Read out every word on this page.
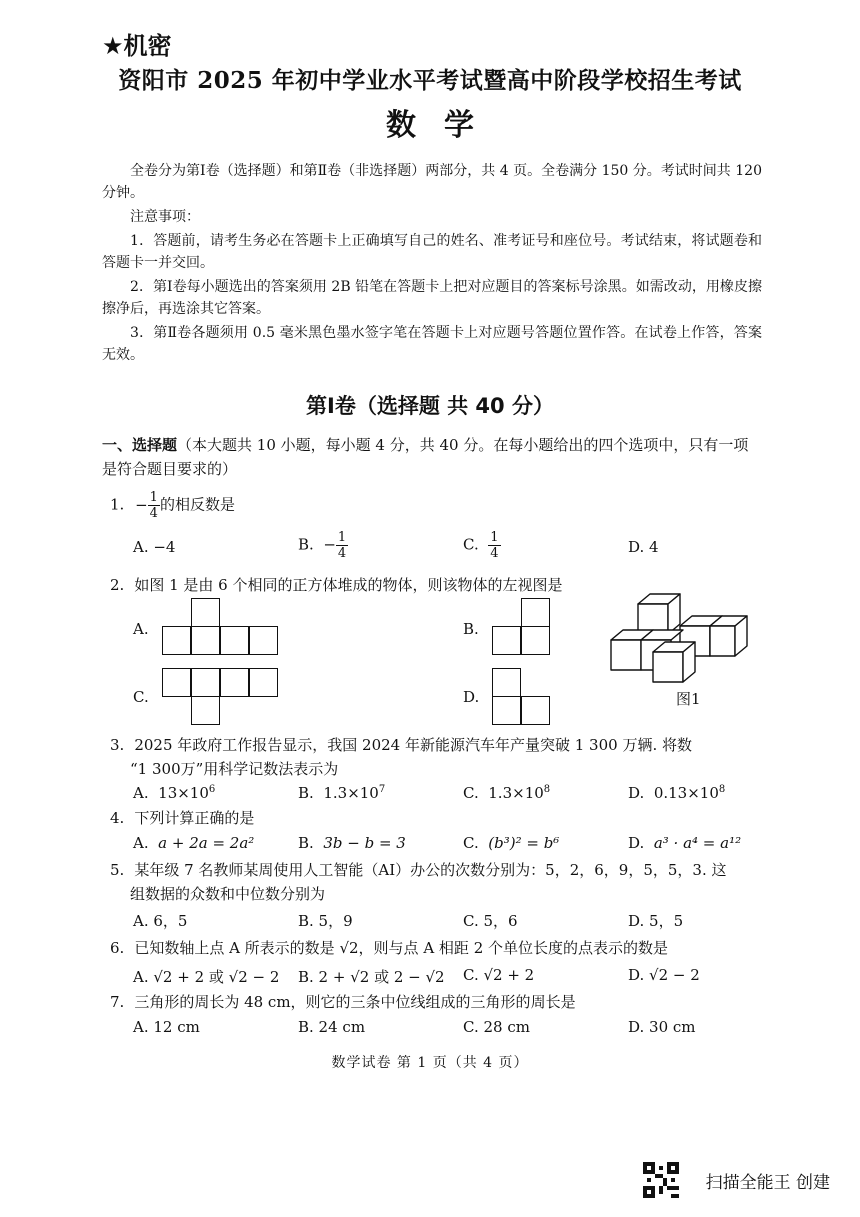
★机密
资阳市 2025 年初中学业水平考试暨高中阶段学校招生考试
数学
全卷分为第Ⅰ卷（选择题）和第Ⅱ卷（非选择题）两部分，共 4 页。全卷满分 150 分。考试时间共 120 分钟。
注意事项：
1．答题前，请考生务必在答题卡上正确填写自己的姓名、准考证号和座位号。考试结束，将试题卷和答题卡一并交回。
2．第Ⅰ卷每小题选出的答案须用 2B 铅笔在答题卡上把对应题目的答案标号涂黑。如需改动，用橡皮擦擦净后，再选涂其它答案。
3．第Ⅱ卷各题须用 0.5 毫米黑色墨水签字笔在答题卡上对应题号答题位置作答。在试卷上作答，答案无效。
第Ⅰ卷（选择题 共 40 分）
一、选择题（本大题共 10 小题，每小题 4 分，共 40 分。在每小题给出的四个选项中，只有一项是符合题目要求的）
1. − $\frac{1}{4}$ 的相反数是
A. −4	B.  − $\frac{1}{4}$	C. $\frac{1}{4}$	D. 4
2. 如图 1 是由 6 个相同的正方体堆成的物体，则该物体的左视图是
A.	B.
C.	D.	图1
3. 2025 年政府工作报告显示，我国 2024 年新能源汽车年产量突破 1 300 万辆. 将数
“1 300万”用科学记数法表示为
A. $13\times 10^6$	B. $1.3\times 10^7$	C. $1.3\times 10^8$	D. $0.13\times 10^8$
4. 下列计算正确的是
A. a + 2a = 2a²	B. 3b − b = 3	C. (b³)² = b⁶	D. a³ · a⁴ = a¹²
5. 某年级 7 名教师某周使用人工智能（AI）办公的次数分别为：5，2，6，9，5，5，3. 这
组数据的众数和中位数分别为
A. 6，5	B. 5，9	C. 5，6	D. 5，5
6. 已知数轴上点 A 所表示的数是 √2，则与点 A 相距 2 个单位长度的点表示的数是
A. √2 + 2 或 √2 − 2 B. 2 + √2 或 2 − √2 C. √2 + 2	D. √2 − 2
7. 三角形的周长为 48 cm，则它的三条中位线组成的三角形的周长是
A. 12 cm	B. 24 cm	C. 28 cm	D. 30 cm
数学试卷 第 1 页（共 4 页）
扫描全能王 创建
